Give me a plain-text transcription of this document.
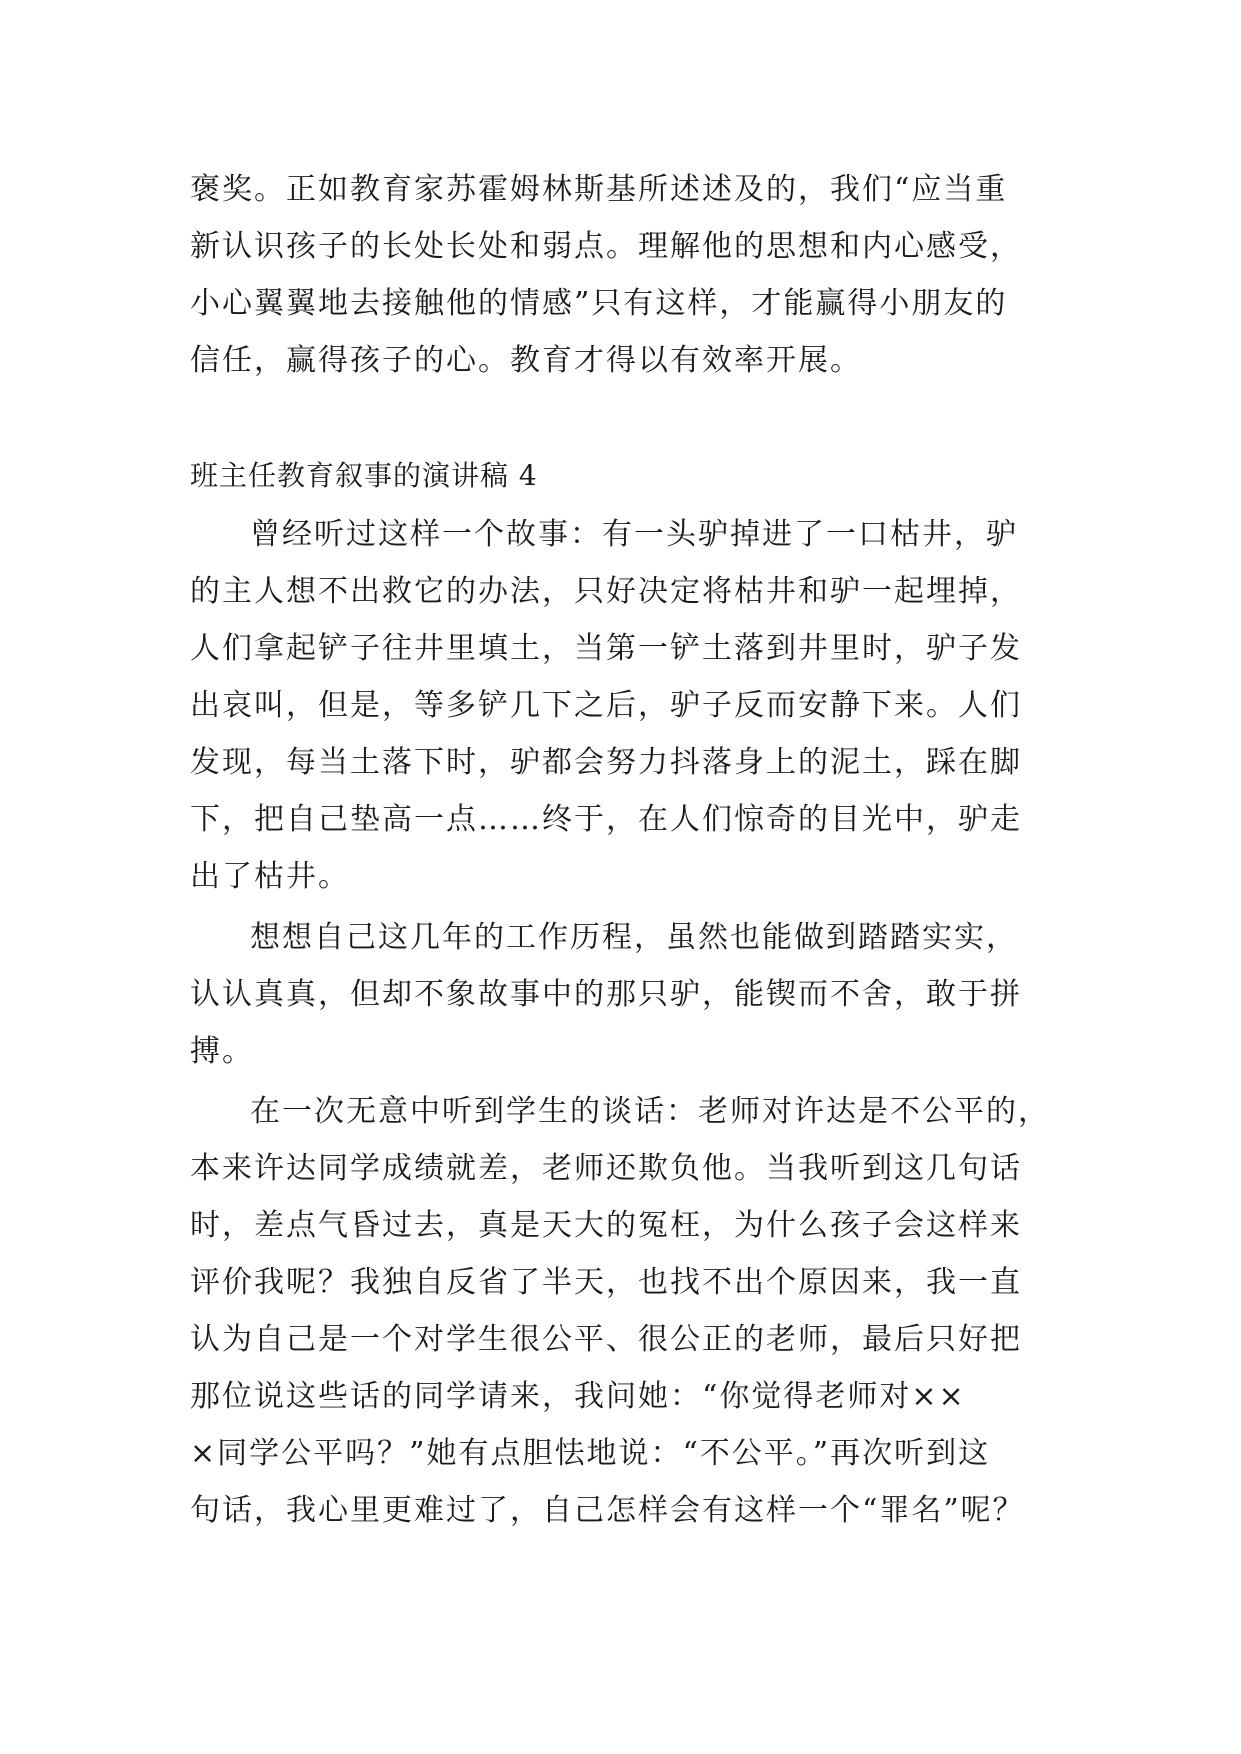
褒奖。正如教育家苏霍姆林斯基所述述及的，我们“应当重
新认识孩子的长处长处和弱点。理解他的思想和内心感受，
小心翼翼地去接触他的情感”只有这样，才能赢得小朋友的
信任，赢得孩子的心。教育才得以有效率开展。
班主任教育叙事的演讲稿 4
曾经听过这样一个故事：有一头驴掉进了一口枯井，驴
的主人想不出救它的办法，只好决定将枯井和驴一起埋掉，
人们拿起铲子往井里填土，当第一铲土落到井里时，驴子发
出哀叫，但是，等多铲几下之后，驴子反而安静下来。人们
发现，每当土落下时，驴都会努力抖落身上的泥土，踩在脚
下，把自己垫高一点……终于，在人们惊奇的目光中，驴走
出了枯井。
想想自己这几年的工作历程，虽然也能做到踏踏实实，
认认真真，但却不象故事中的那只驴，能锲而不舍，敢于拼
搏。
在一次无意中听到学生的谈话：老师对许达是不公平的，
本来许达同学成绩就差，老师还欺负他。当我听到这几句话
时，差点气昏过去，真是天大的冤枉，为什么孩子会这样来
评价我呢？我独自反省了半天，也找不出个原因来，我一直
认为自己是一个对学生很公平、很公正的老师，最后只好把
那位说这些话的同学请来，我问她：“你觉得老师对××
×同学公平吗？”她有点胆怯地说：“不公平。”再次听到这
句话，我心里更难过了，自己怎样会有这样一个“罪名”呢？
